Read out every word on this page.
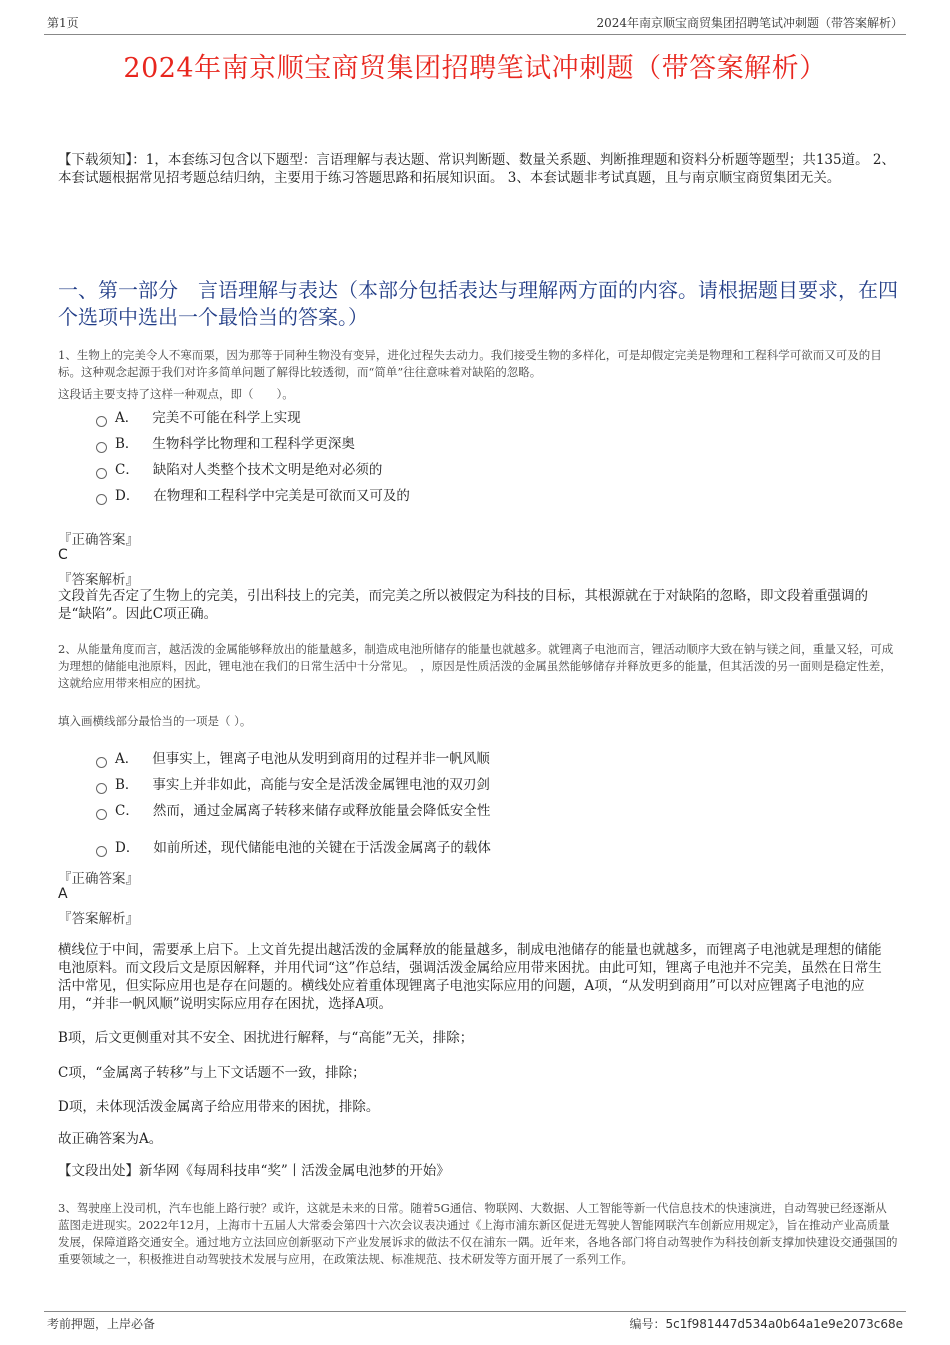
第1页	2024年南京顺宝商贸集团招聘笔试冲刺题（带答案解析）
2024年南京顺宝商贸集团招聘笔试冲刺题（带答案解析）
【下载须知】：1，本套练习包含以下题型：言语理解与表达题、常识判断题、数量关系题、判断推理题和资料分析题等题型；共135道。 2、本套试题根据常见招考题总结归纳，主要用于练习答题思路和拓展知识面。 3、本套试题非考试真题，且与南京顺宝商贸集团无关。
一、第一部分　言语理解与表达（本部分包括表达与理解两方面的内容。请根据题目要求，在四个选项中选出一个最恰当的答案。）
1、生物上的完美令人不寒而栗，因为那等于同种生物没有变异，进化过程失去动力。我们接受生物的多样化，可是却假定完美是物理和工程科学可欲而又可及的目标。这种观念起源于我们对许多简单问题了解得比较透彻，而“简单”往往意味着对缺陷的忽略。
这段话主要支持了这样一种观点，即（　　）。
A． 完美不可能在科学上实现
B． 生物科学比物理和工程科学更深奥
C． 缺陷对人类整个技术文明是绝对必须的
D． 在物理和工程科学中完美是可欲而又可及的
『正确答案』
C
『答案解析』
文段首先否定了生物上的完美，引出科技上的完美，而完美之所以被假定为科技的目标，其根源就在于对缺陷的忽略，即文段着重强调的是“缺陷”。因此C项正确。
2、从能量角度而言，越活泼的金属能够释放出的能量越多，制造成电池所储存的能量也就越多。就锂离子电池而言，锂活动顺序大致在钠与镁之间，重量又轻，可成为理想的储能电池原料，因此，锂电池在我们的日常生活中十分常见。　，原因是性质活泼的金属虽然能够储存并释放更多的能量，但其活泼的另一面则是稳定性差，这就给应用带来相应的困扰。
填入画横线部分最恰当的一项是（ ）。
A． 但事实上，锂离子电池从发明到商用的过程并非一帆风顺
B． 事实上并非如此，高能与安全是活泼金属锂电池的双刃剑
C． 然而，通过金属离子转移来储存或释放能量会降低安全性
D． 如前所述，现代储能电池的关键在于活泼金属离子的载体
『正确答案』
A
『答案解析』
横线位于中间，需要承上启下。上文首先提出越活泼的金属释放的能量越多，制成电池储存的能量也就越多，而锂离子电池就是理想的储能电池原料。而文段后文是原因解释，并用代词“这”作总结，强调活泼金属给应用带来困扰。由此可知，锂离子电池并不完美，虽然在日常生活中常见，但实际应用也是存在问题的。横线处应着重体现锂离子电池实际应用的问题，A项，“从发明到商用”可以对应锂离子电池的应用，“并非一帆风顺”说明实际应用存在困扰，选择A项。
B项，后文更侧重对其不安全、困扰进行解释，与“高能”无关，排除；
C项，“金属离子转移”与上下文话题不一致，排除；
D项，未体现活泼金属离子给应用带来的困扰，排除。
故正确答案为A。
【文段出处】新华网《每周科技串“奖”丨活泼金属电池梦的开始》
3、驾驶座上没司机，汽车也能上路行驶？或许，这就是未来的日常。随着5G通信、物联网、大数据、人工智能等新一代信息技术的快速演进，自动驾驶已经逐渐从蓝图走进现实。2022年12月，上海市十五届人大常委会第四十六次会议表决通过《上海市浦东新区促进无驾驶人智能网联汽车创新应用规定》，旨在推动产业高质量发展，保障道路交通安全。通过地方立法回应创新驱动下产业发展诉求的做法不仅在浦东一隅。近年来，各地各部门将自动驾驶作为科技创新支撑加快建设交通强国的重要领域之一，积极推进自动驾驶技术发展与应用，在政策法规、标准规范、技术研发等方面开展了一系列工作。
考前押题，上岸必备	编号：5c1f981447d534a0b64a1e9e2073c68e
